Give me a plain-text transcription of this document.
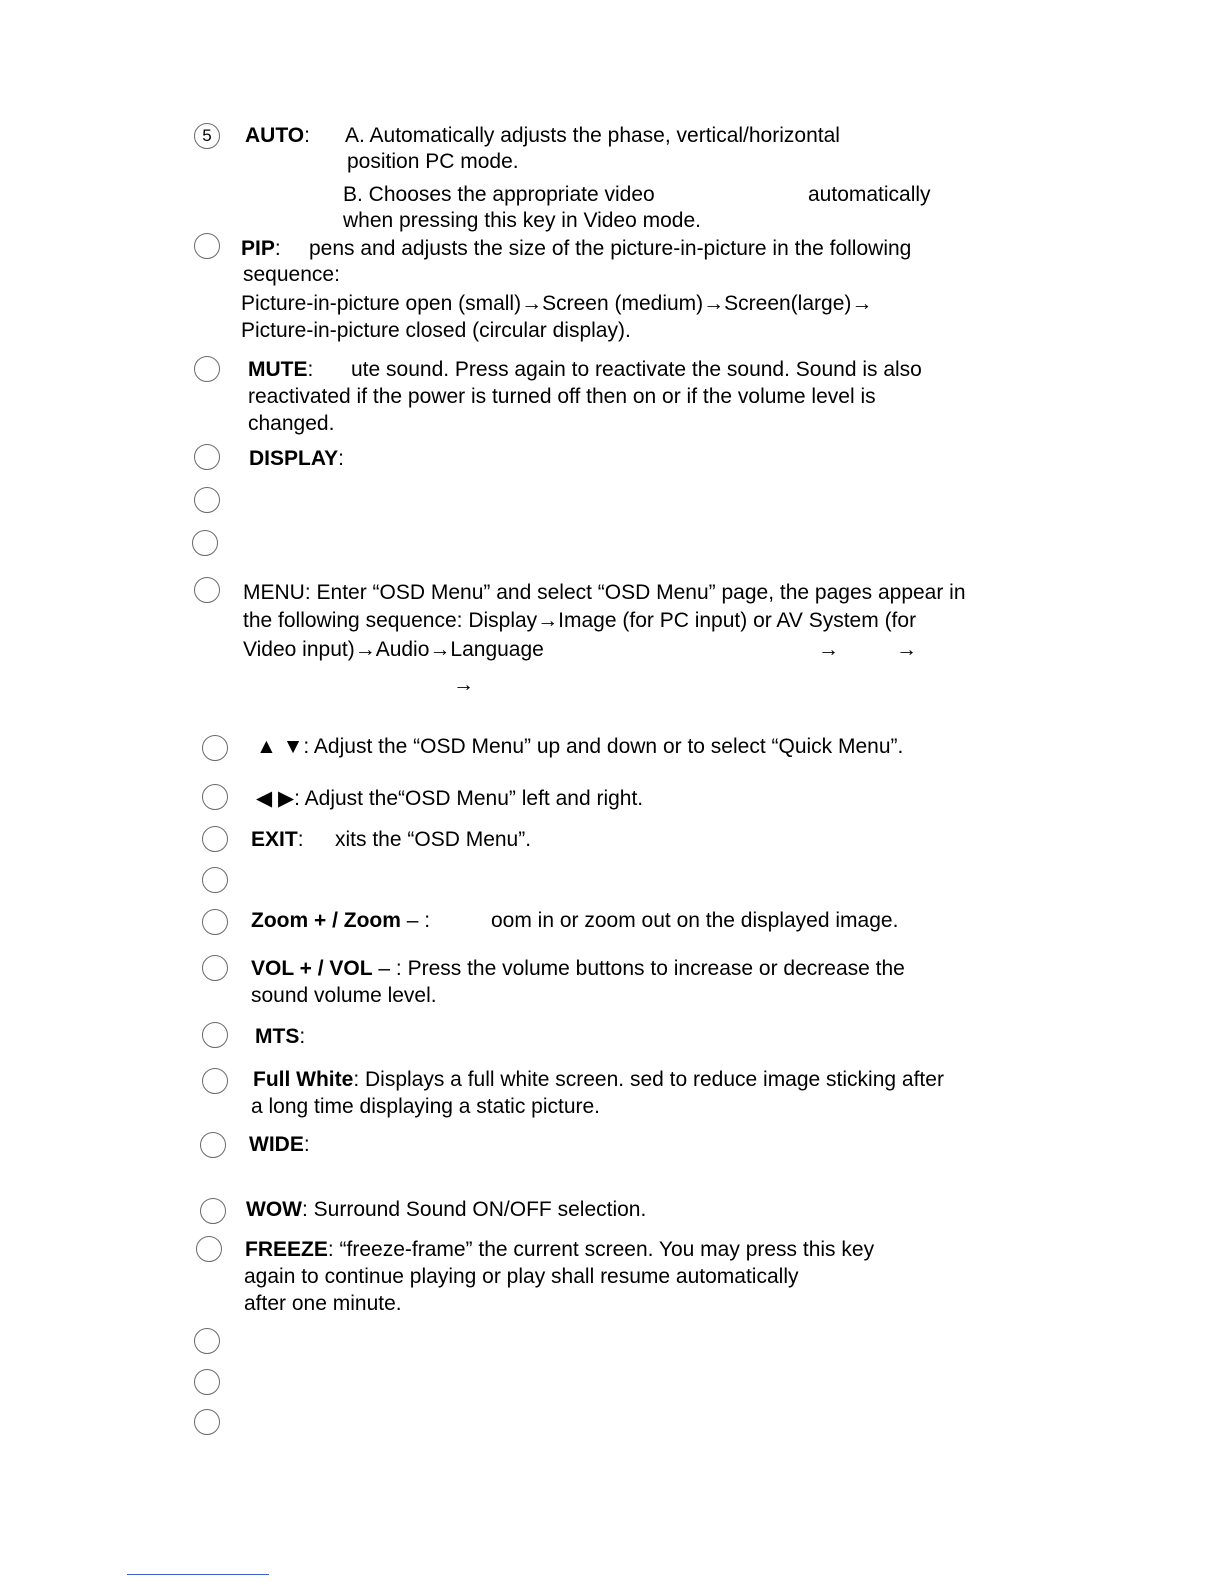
5	AUTO: A. Automatically adjusts the phase, vertical/horizontal
position PC mode.
B. Chooses the appropriate video	automatically
when pressing this key in Video mode.
PIP: pens and adjusts the size of the picture-in-picture in the following
sequence:
Picture-in-picture open (small)→Screen (medium)→Screen(large)→
Picture-in-picture closed (circular display).
MUTE: ute sound. Press again to reactivate the sound. Sound is also
reactivated if the power is turned off then on or if the volume level is
changed.
DISPLAY:
MENU: Enter “OSD Menu” and select “OSD Menu” page, the pages appear in
the following sequence: Display→Image (for PC input) or AV System (for
Video input)→Audio→Language	→	→
→
▲ ▼: Adjust the “OSD Menu” up and down or to select “Quick Menu”.
◀ ▶: Adjust the“OSD Menu” left and right.
EXIT: xits the “OSD Menu”.
Zoom + / Zoom – :	oom in or zoom out on the displayed image.
VOL + / VOL – : Press the volume buttons to increase or decrease the
sound volume level.
MTS:
Full White: Displays a full white screen. sed to reduce image sticking after
a long time displaying a static picture.
WIDE:
WOW: Surround Sound ON/OFF selection.
FREEZE: “freeze-frame” the current screen. You may press this key
again to continue playing or play shall resume automatically
after one minute.
